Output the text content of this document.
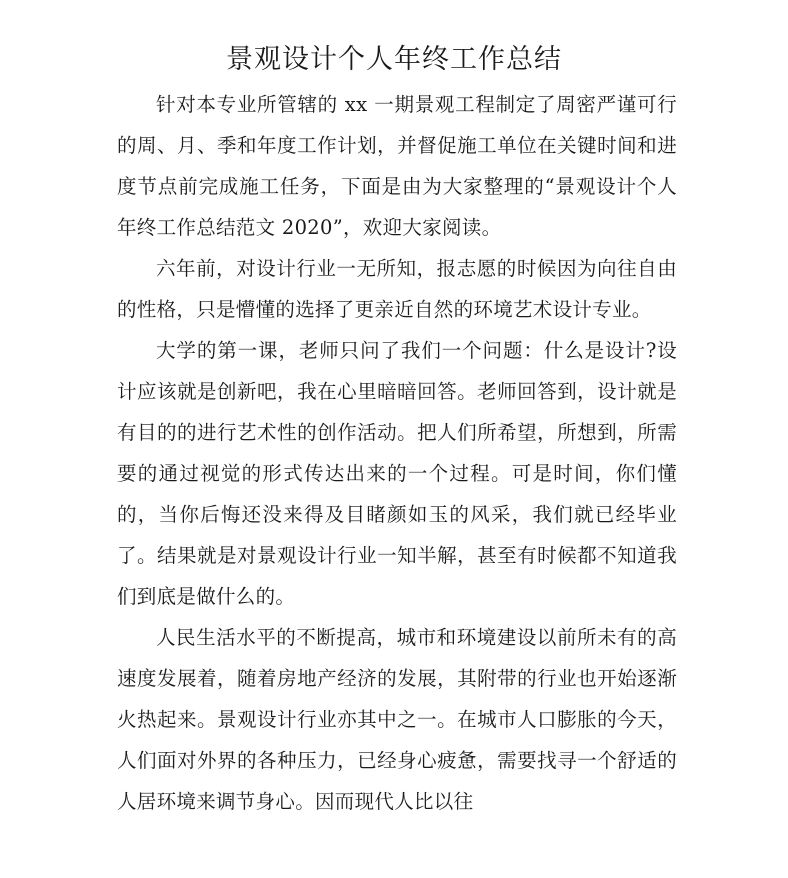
景观设计个人年终工作总结

针对本专业所管辖的 xx 一期景观工程制定了周密严谨可行的周、月、季和年度工作计划，并督促施工单位在关键时间和进度节点前完成施工任务，下面是由为大家整理的“景观设计个人年终工作总结范文 2020”，欢迎大家阅读。

六年前，对设计行业一无所知，报志愿的时候因为向往自由的性格，只是懵懂的选择了更亲近自然的环境艺术设计专业。

大学的第一课，老师只问了我们一个问题：什么是设计?设计应该就是创新吧，我在心里暗暗回答。老师回答到，设计就是有目的的进行艺术性的创作活动。把人们所希望，所想到，所需要的通过视觉的形式传达出来的一个过程。可是时间，你们懂的，当你后悔还没来得及目睹颜如玉的风采，我们就已经毕业了。结果就是对景观设计行业一知半解，甚至有时候都不知道我们到底是做什么的。

人民生活水平的不断提高，城市和环境建设以前所未有的高速度发展着，随着房地产经济的发展，其附带的行业也开始逐渐火热起来。景观设计行业亦其中之一。在城市人口膨胀的今天，人们面对外界的各种压力，已经身心疲惫，需要找寻一个舒适的人居环境来调节身心。因而现代人比以往
